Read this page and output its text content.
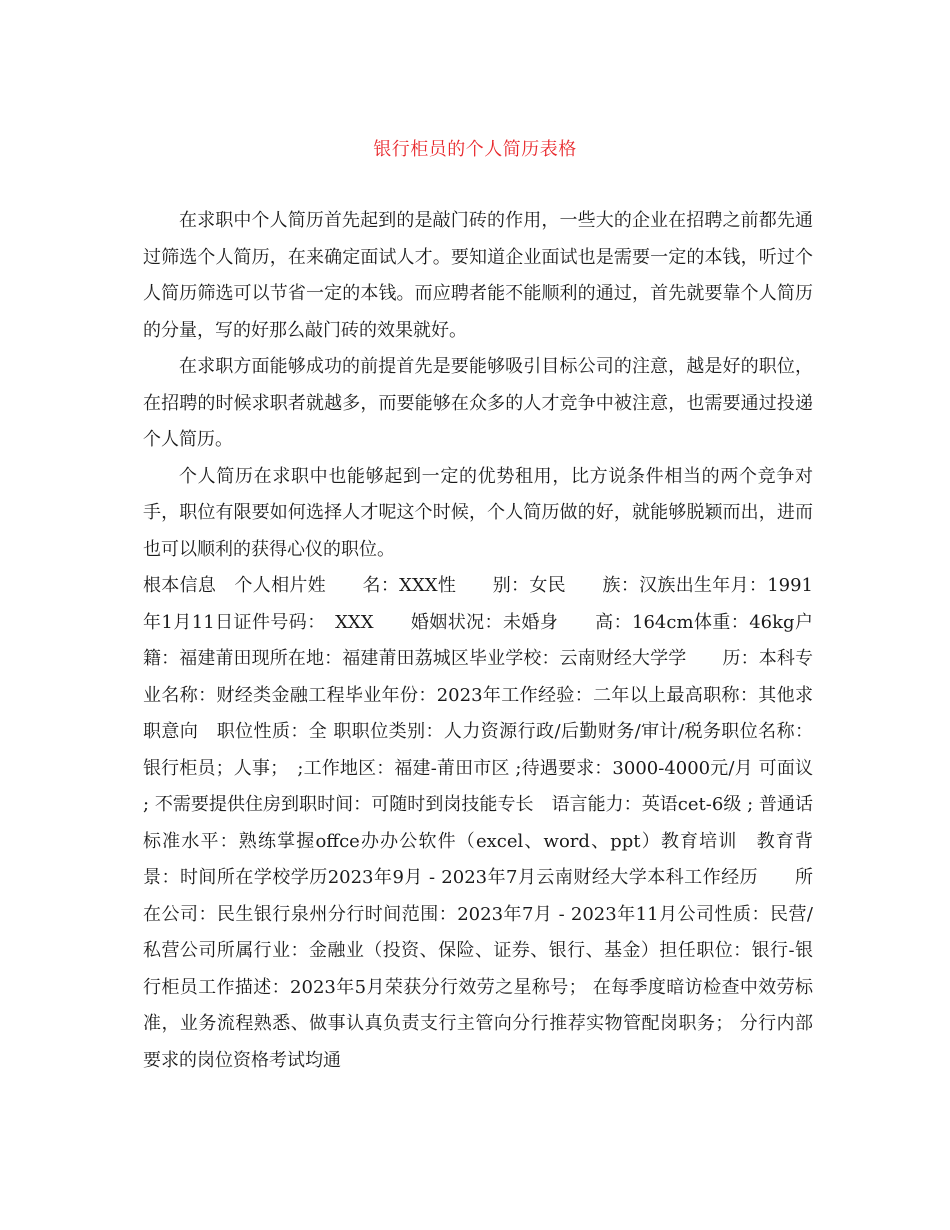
银行柜员的个人简历表格

在求职中个人简历首先起到的是敲门砖的作用，一些大的企业在招聘之前都先通过筛选个人简历，在来确定面试人才。要知道企业面试也是需要一定的本钱，听过个人简历筛选可以节省一定的本钱。而应聘者能不能顺利的通过，首先就要靠个人简历的分量，写的好那么敲门砖的效果就好。

在求职方面能够成功的前提首先是要能够吸引目标公司的注意，越是好的职位，在招聘的时候求职者就越多，而要能够在众多的人才竞争中被注意，也需要通过投递个人简历。

个人简历在求职中也能够起到一定的优势租用，比方说条件相当的两个竞争对手，职位有限要如何选择人才呢这个时候，个人简历做的好，就能够脱颖而出，进而也可以顺利的获得心仪的职位。

根本信息　个人相片姓　　名：XXX性　　别：女民　　族：汉族出生年月：1991年1月11日证件号码：　XXX　　婚姻状况：未婚身　　高：164cm体重：46kg户　　籍：福建莆田现所在地：福建莆田荔城区毕业学校：云南财经大学学　　历：本科专业名称：财经类金融工程毕业年份：2023年工作经验：二年以上最高职称：其他求职意向　职位性质：全 职职位类别：人力资源行政/后勤财务/审计/税务职位名称：银行柜员；人事；　;工作地区：福建-莆田市区 ;待遇要求：3000-4000元/月 可面议 ; 不需要提供住房到职时间：可随时到岗技能专长　语言能力：英语cet-6级 ; 普通话 标准水平：熟练掌握offce办办公软件（excel、word、ppt）教育培训　教育背景：时间所在学校学历2023年9月 - 2023年7月云南财经大学本科工作经历　　所在公司：民生银行泉州分行时间范围：2023年7月 - 2023年11月公司性质：民营/私营公司所属行业：金融业（投资、保险、证券、银行、基金）担任职位：银行-银行柜员工作描述：2023年5月荣获分行效劳之星称号； 在每季度暗访检查中效劳标准，业务流程熟悉、做事认真负责支行主管向分行推荐实物管配岗职务； 分行内部要求的岗位资格考试均通
